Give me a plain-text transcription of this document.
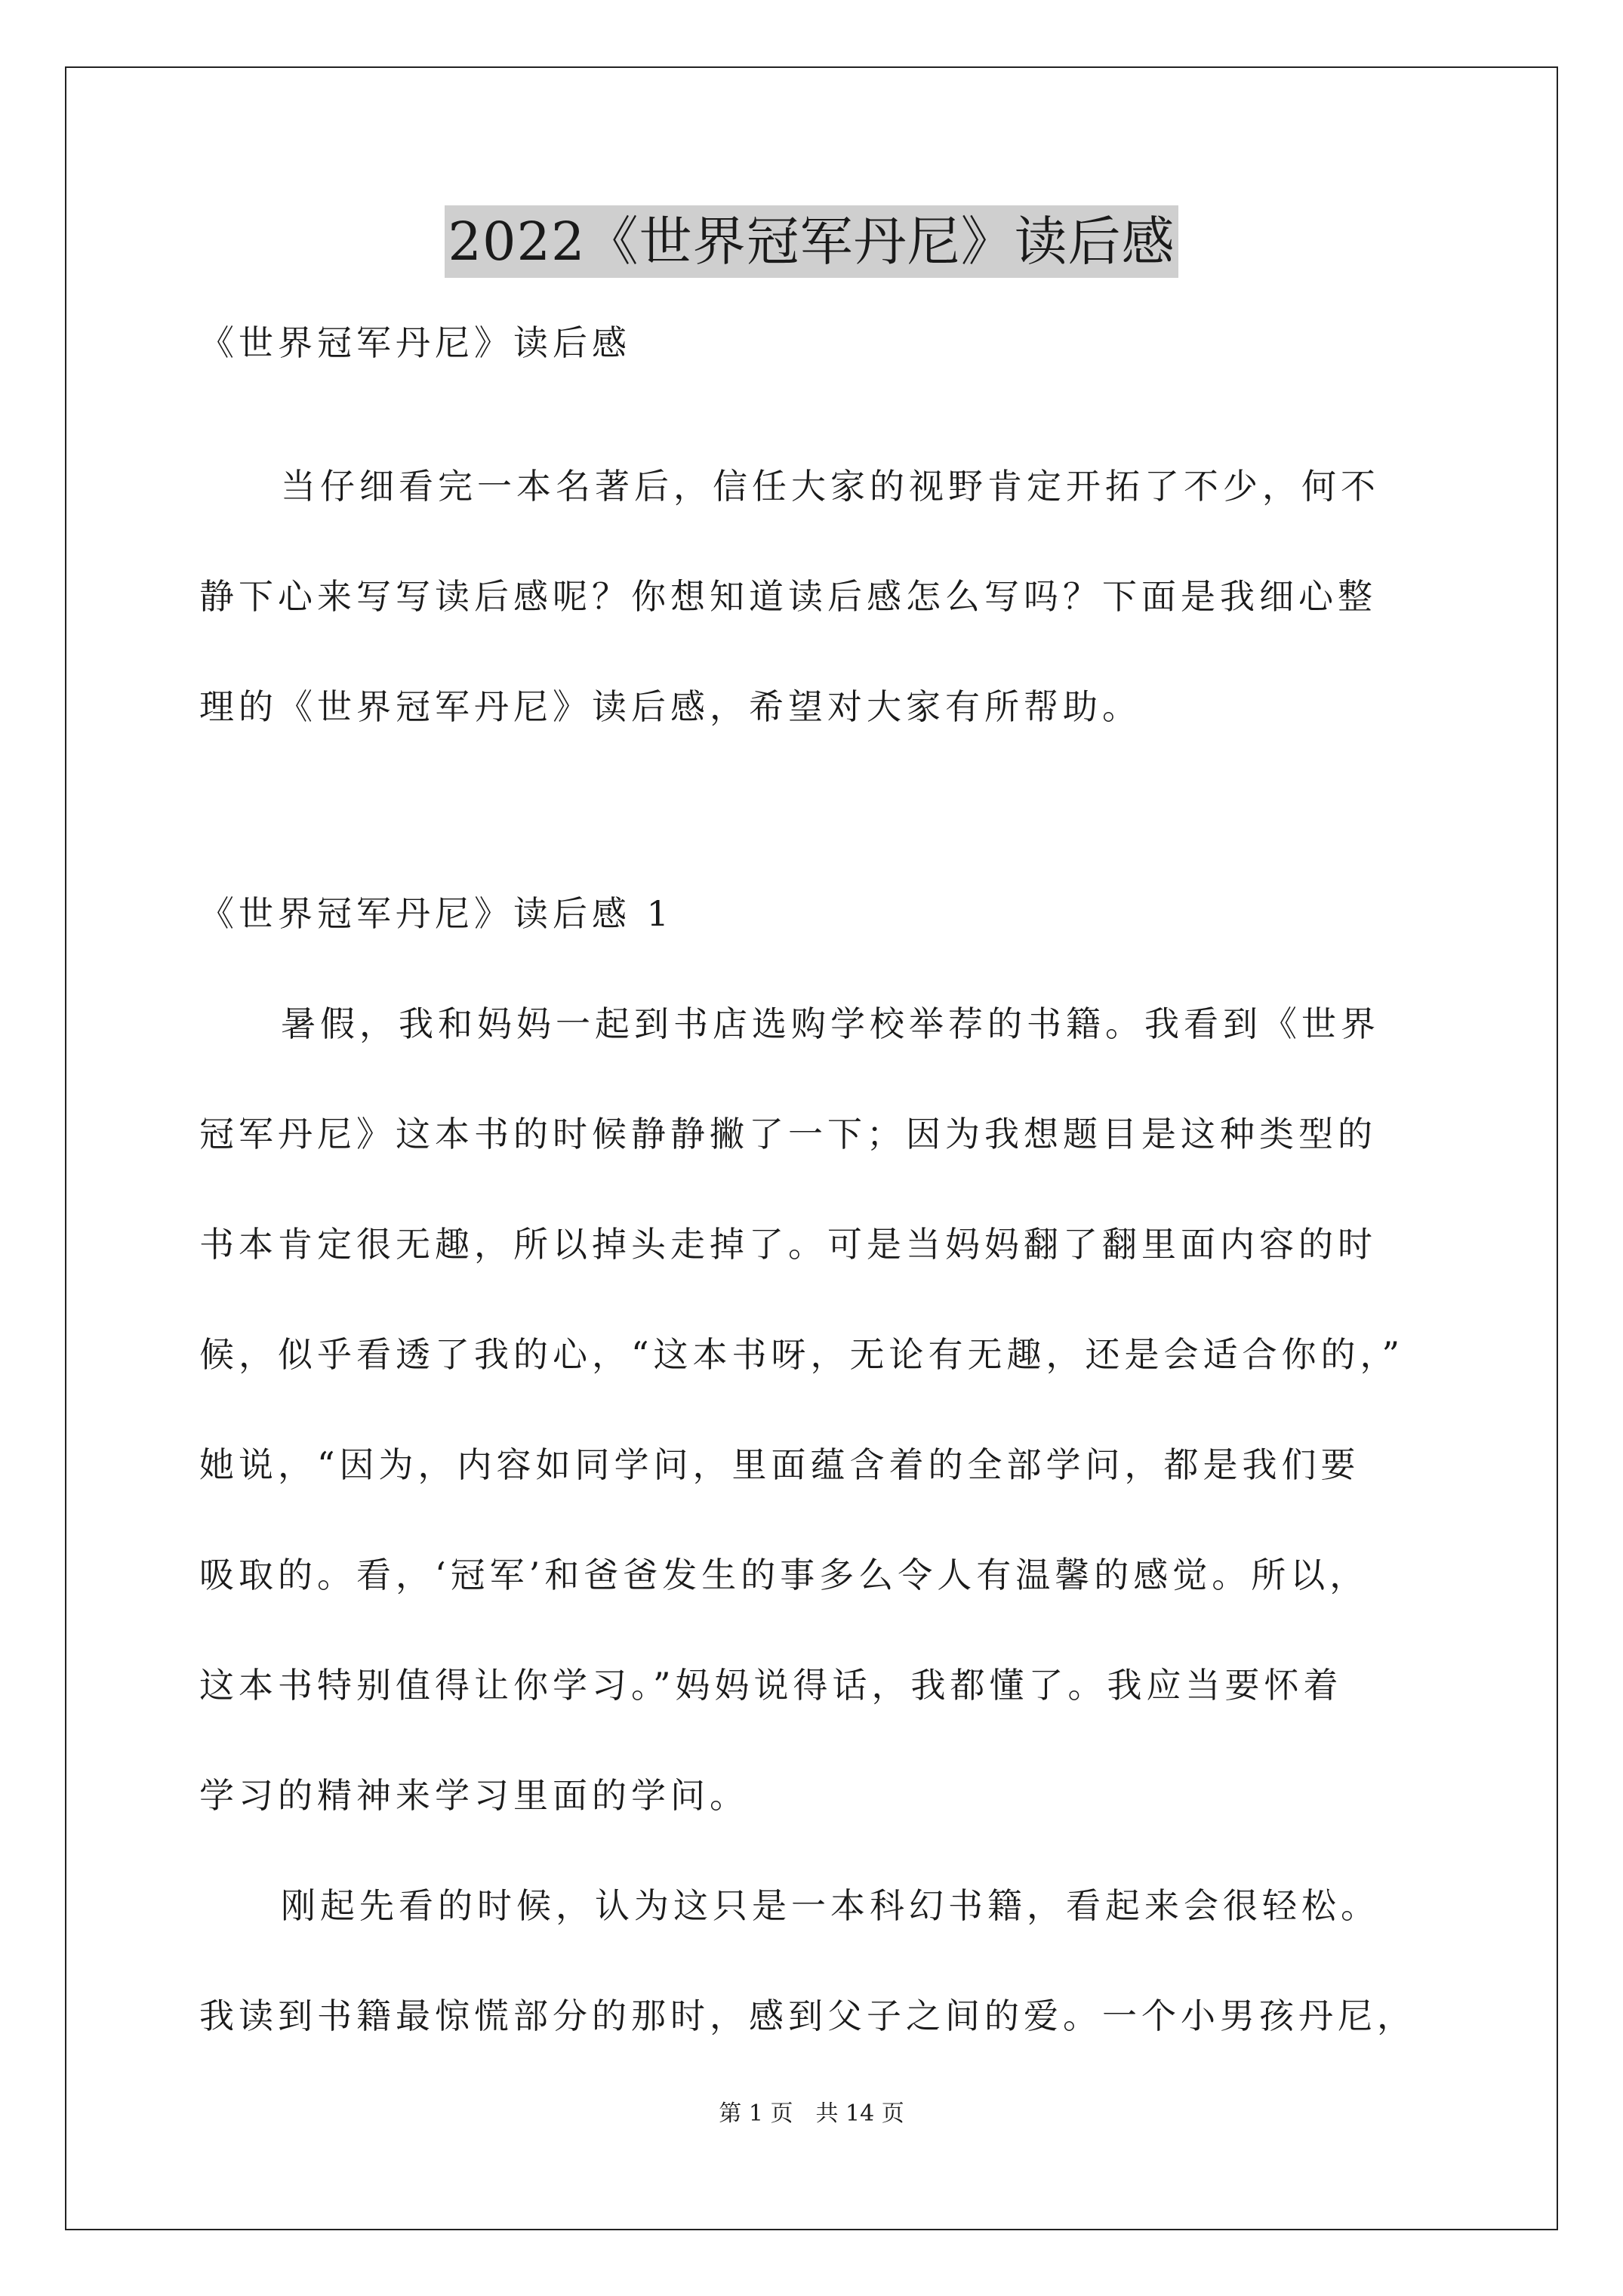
2022《世界冠军丹尼》读后感
《世界冠军丹尼》读后感
当仔细看完一本名著后，信任大家的视野肯定开拓了不少，何不
静下心来写写读后感呢？你想知道读后感怎么写吗？下面是我细心整
理的《世界冠军丹尼》读后感，希望对大家有所帮助。
《世界冠军丹尼》读后感 1
暑假，我和妈妈一起到书店选购学校举荐的书籍。我看到《世界
冠军丹尼》这本书的时候静静撇了一下；因为我想题目是这种类型的
书本肯定很无趣，所以掉头走掉了。可是当妈妈翻了翻里面内容的时
候，似乎看透了我的心，“这本书呀，无论有无趣，还是会适合你的，”
她说，“因为，内容如同学问，里面蕴含着的全部学问，都是我们要
吸取的。看，‘冠军’和爸爸发生的事多么令人有温馨的感觉。所以，
这本书特别值得让你学习。”妈妈说得话，我都懂了。我应当要怀着
学习的精神来学习里面的学问。
刚起先看的时候，认为这只是一本科幻书籍，看起来会很轻松。
我读到书籍最惊慌部分的那时，感到父子之间的爱。一个小男孩丹尼，
第 1 页　共 14 页
